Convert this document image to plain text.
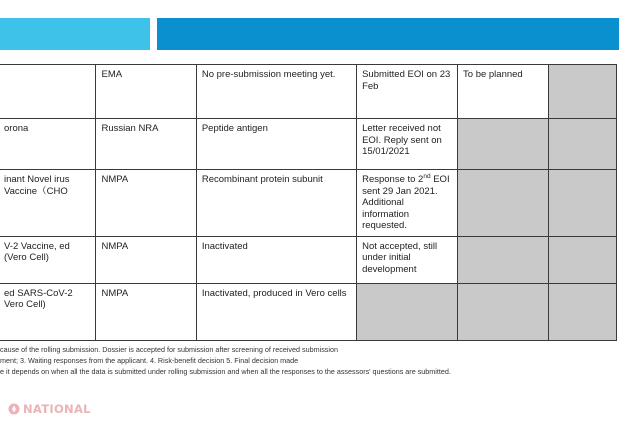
	EMA	No pre-submission meeting yet.	Submitted EOI on 23 Feb	To be planned	
orona	Russian NRA	Peptide antigen	Letter received not EOI. Reply sent on 15/01/2021		
inant Novel irus Vaccine（CHO	NMPA	Recombinant protein subunit	Response to 2nd EOI sent 29 Jan 2021. Additional information requested.		
V-2 Vaccine, ed (Vero Cell)	NMPA	Inactivated	Not accepted, still under initial development		
ed SARS-CoV-2 Vero Cell)	NMPA	Inactivated, produced in Vero cells			

cause of the rolling submission. Dossier is accepted for submission after screening of received submission

ment; 3. Waiting responses from the applicant. 4. Risk-benefit decision 5. Final decision made

e it depends on when all the data is submitted under rolling submission and when all the responses to the assessors' questions are submitted.

NATIONAL
